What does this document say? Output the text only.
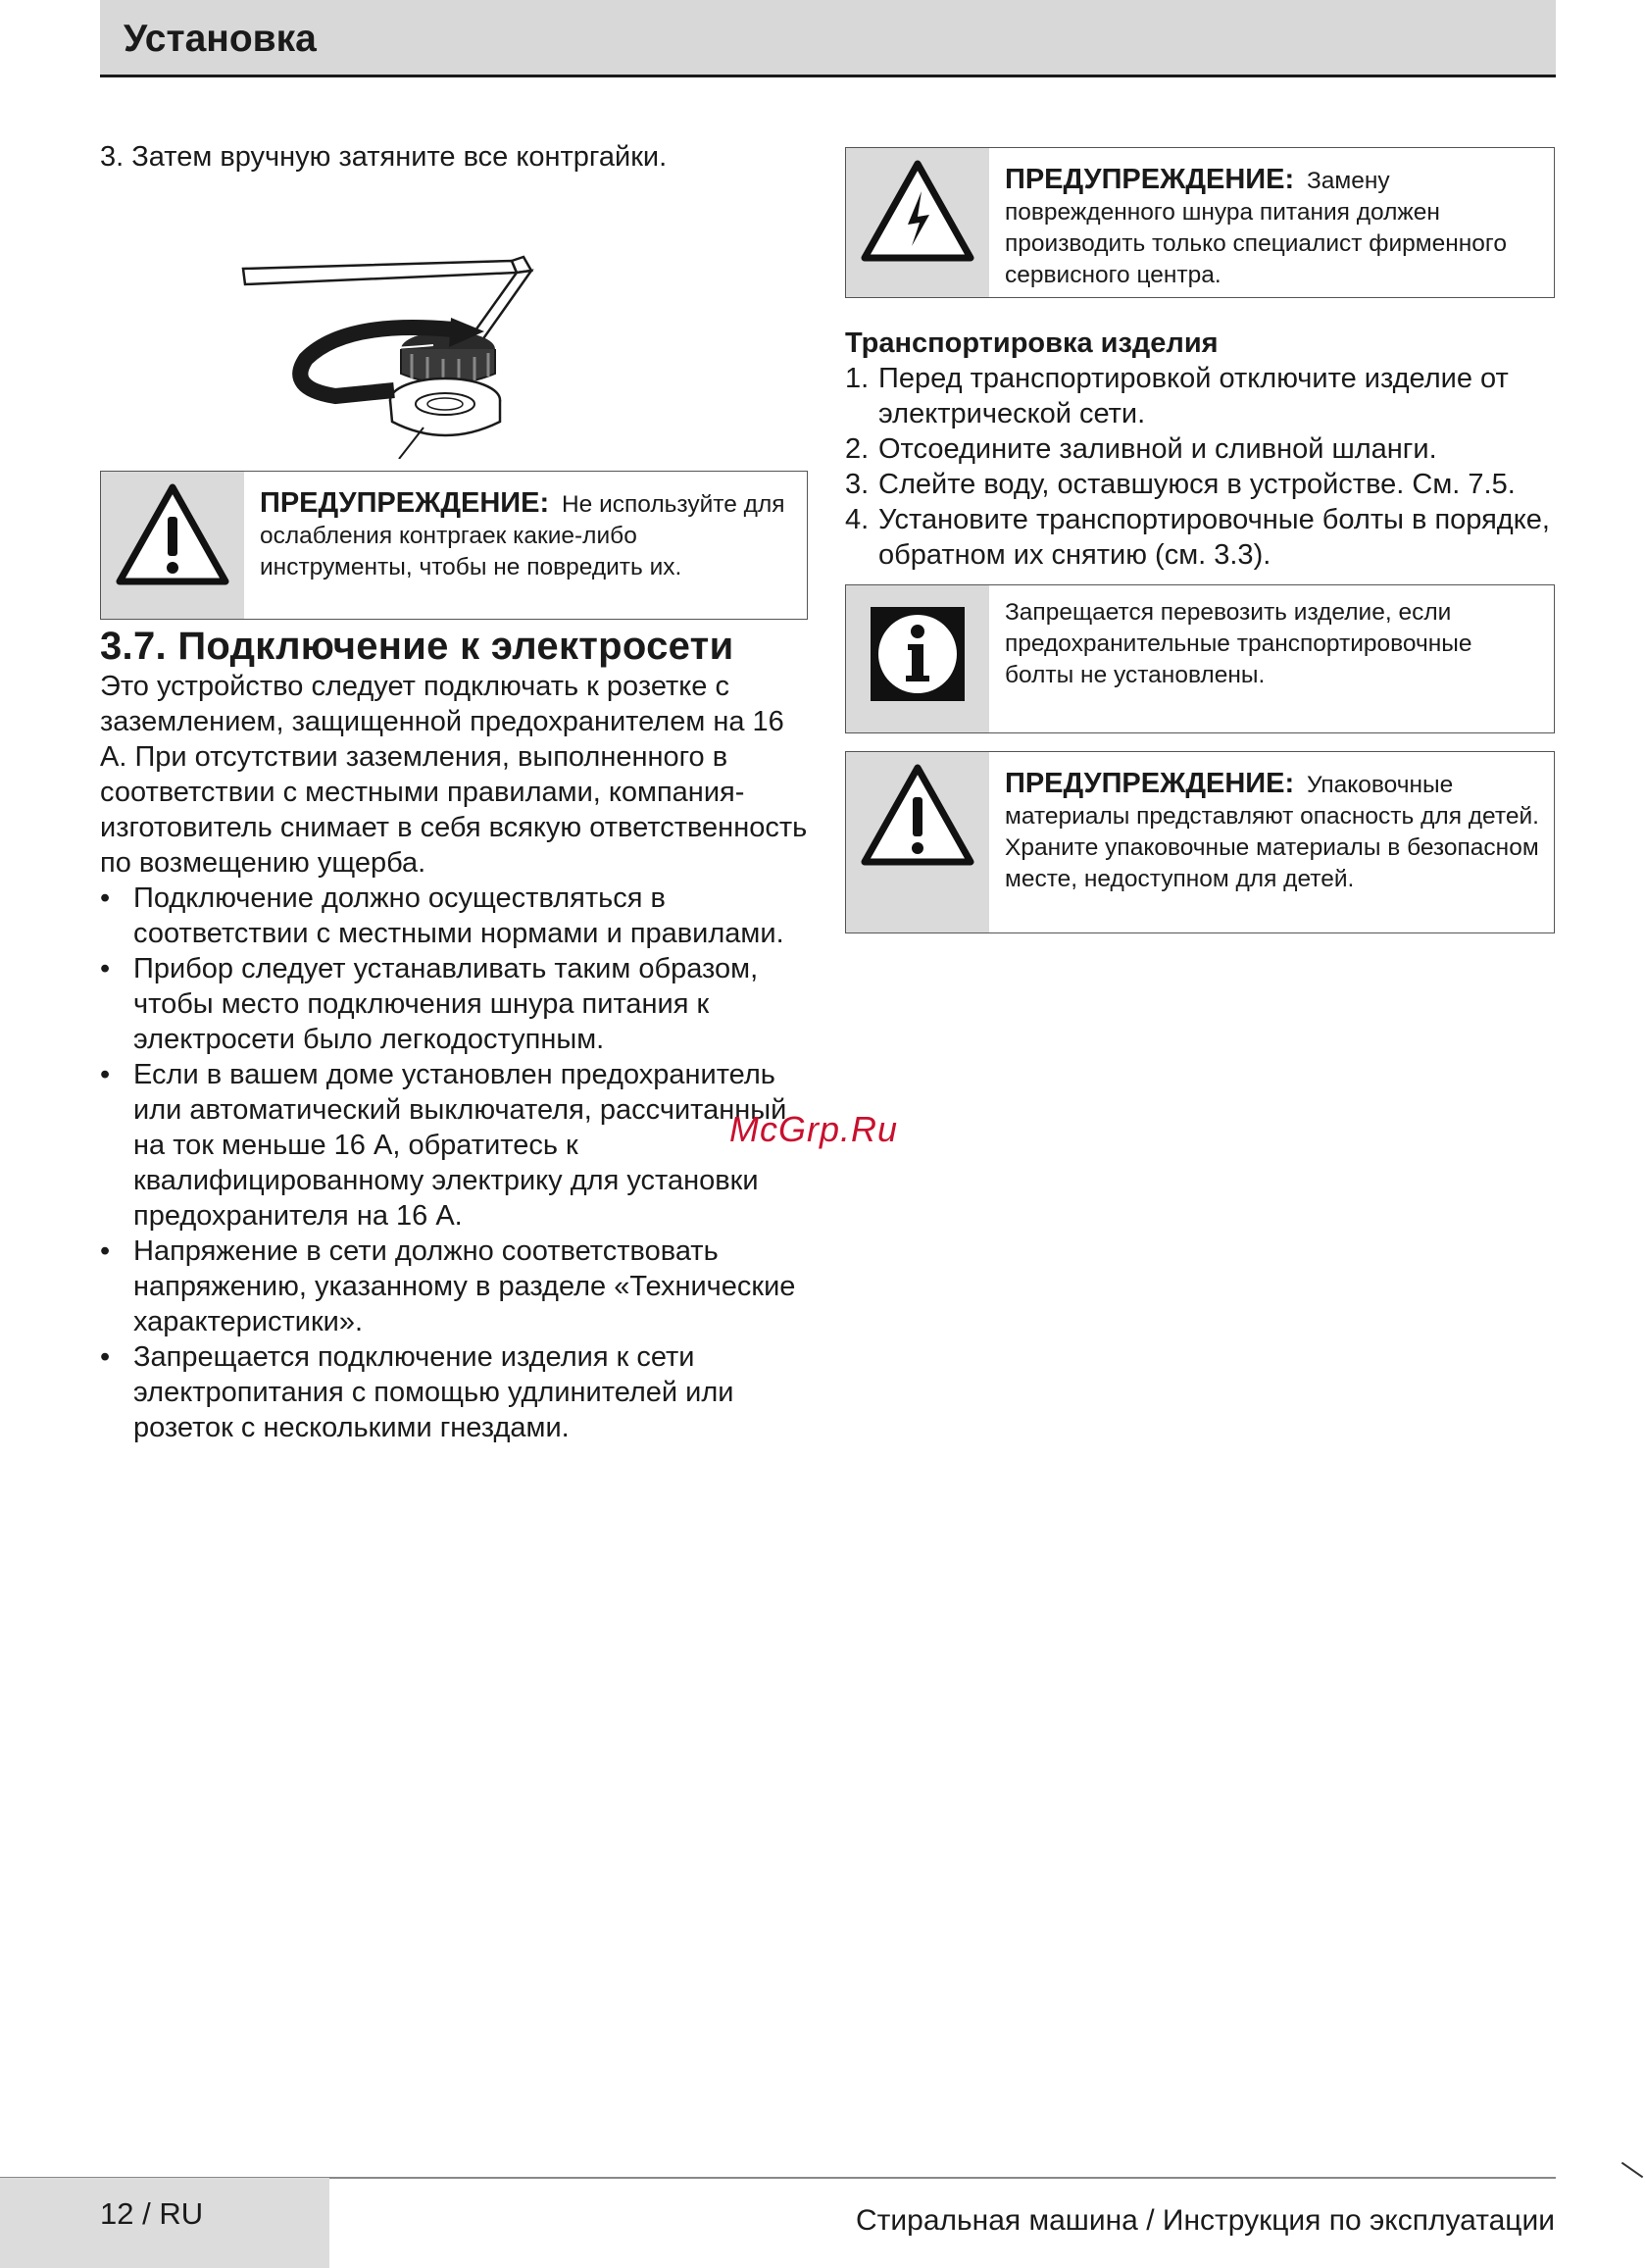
Установка

3. Затем вручную затяните все контргайки.

ПРЕДУПРЕЖДЕНИЕ: Не используйте для ослабления контргаек какие-либо инструменты, чтобы не повредить их.
3.7. Подключение к электросети

Это устройство следует подключать к розетке с заземлением, защищенной предохранителем на 16 А. При отсутствии заземления, выполненного в соответствии с местными правилами, компания-изготовитель снимает в себя всякую ответственность по возмещению ущерба.

• Подключение должно осуществляться в соответствии с местными нормами и правилами.
• Прибор следует устанавливать таким образом, чтобы место подключения шнура питания к электросети было легкодоступным.
• Если в вашем доме установлен предохранитель или автоматический выключателя, рассчитанный на ток меньше 16 А, обратитесь к квалифицированному электрику для установки предохранителя на 16 А.
• Напряжение в сети должно соответствовать напряжению, указанному в разделе «Технические характеристики».
• Запрещается подключение изделия к сети электропитания с помощью удлинителей или розеток с несколькими гнездами.
ПРЕДУПРЕЖДЕНИЕ: Замену поврежденного шнура питания должен производить только специалист фирменного сервисного центра.

Транспортировка изделия

1. Перед транспортировкой отключите изделие от электрической сети.
2. Отсоедините заливной и сливной шланги.
3. Слейте воду, оставшуюся в устройстве. См. 7.5.
4. Установите транспортировочные болты в порядке, обратном их снятию (см. 3.3).
Запрещается перевозить изделие, если предохранительные транспортировочные болты не установлены.
ПРЕДУПРЕЖДЕНИЕ: Упаковочные материалы представляют опасность для детей. Храните упаковочные материалы в безопасном месте, недоступном для детей.
McGrp.Ru
12 / RU	Стиральная машина / Инструкция по эксплуатации
